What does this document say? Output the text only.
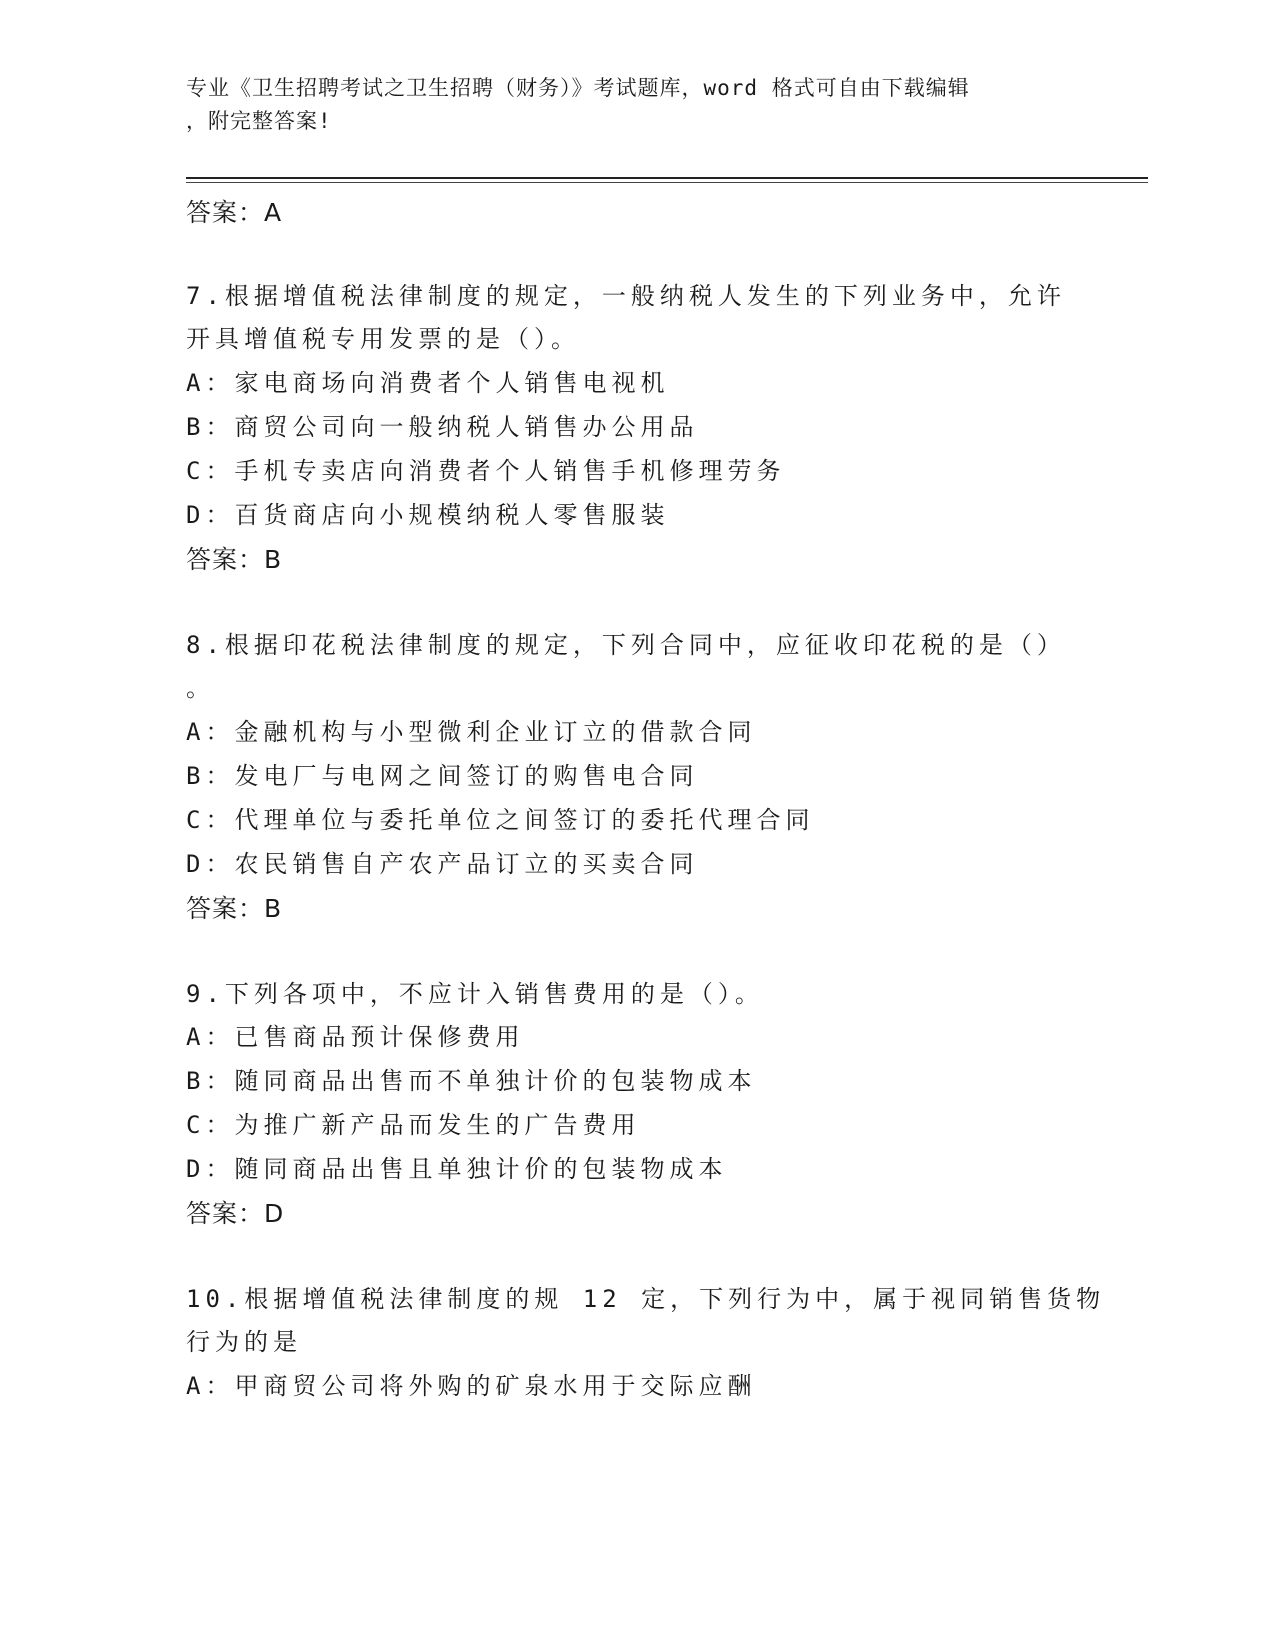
专业《卫生招聘考试之卫生招聘（财务）》考试题库，word 格式可自由下载编辑
，附完整答案!
答案：A
7.根据增值税法律制度的规定，一般纳税人发生的下列业务中，允许
开具增值税专用发票的是（）。
A：家电商场向消费者个人销售电视机
B：商贸公司向一般纳税人销售办公用品
C：手机专卖店向消费者个人销售手机修理劳务
D：百货商店向小规模纳税人零售服装
答案：B
8.根据印花税法律制度的规定，下列合同中，应征收印花税的是（）
。
A：金融机构与小型微利企业订立的借款合同
B：发电厂与电网之间签订的购售电合同
C：代理单位与委托单位之间签订的委托代理合同
D：农民销售自产农产品订立的买卖合同
答案：B
9.下列各项中，不应计入销售费用的是（）。
A：已售商品预计保修费用
B：随同商品出售而不单独计价的包装物成本
C：为推广新产品而发生的广告费用
D：随同商品出售且单独计价的包装物成本
答案：D
10.根据增值税法律制度的规 12 定，下列行为中，属于视同销售货物
行为的是
A：甲商贸公司将外购的矿泉水用于交际应酬
